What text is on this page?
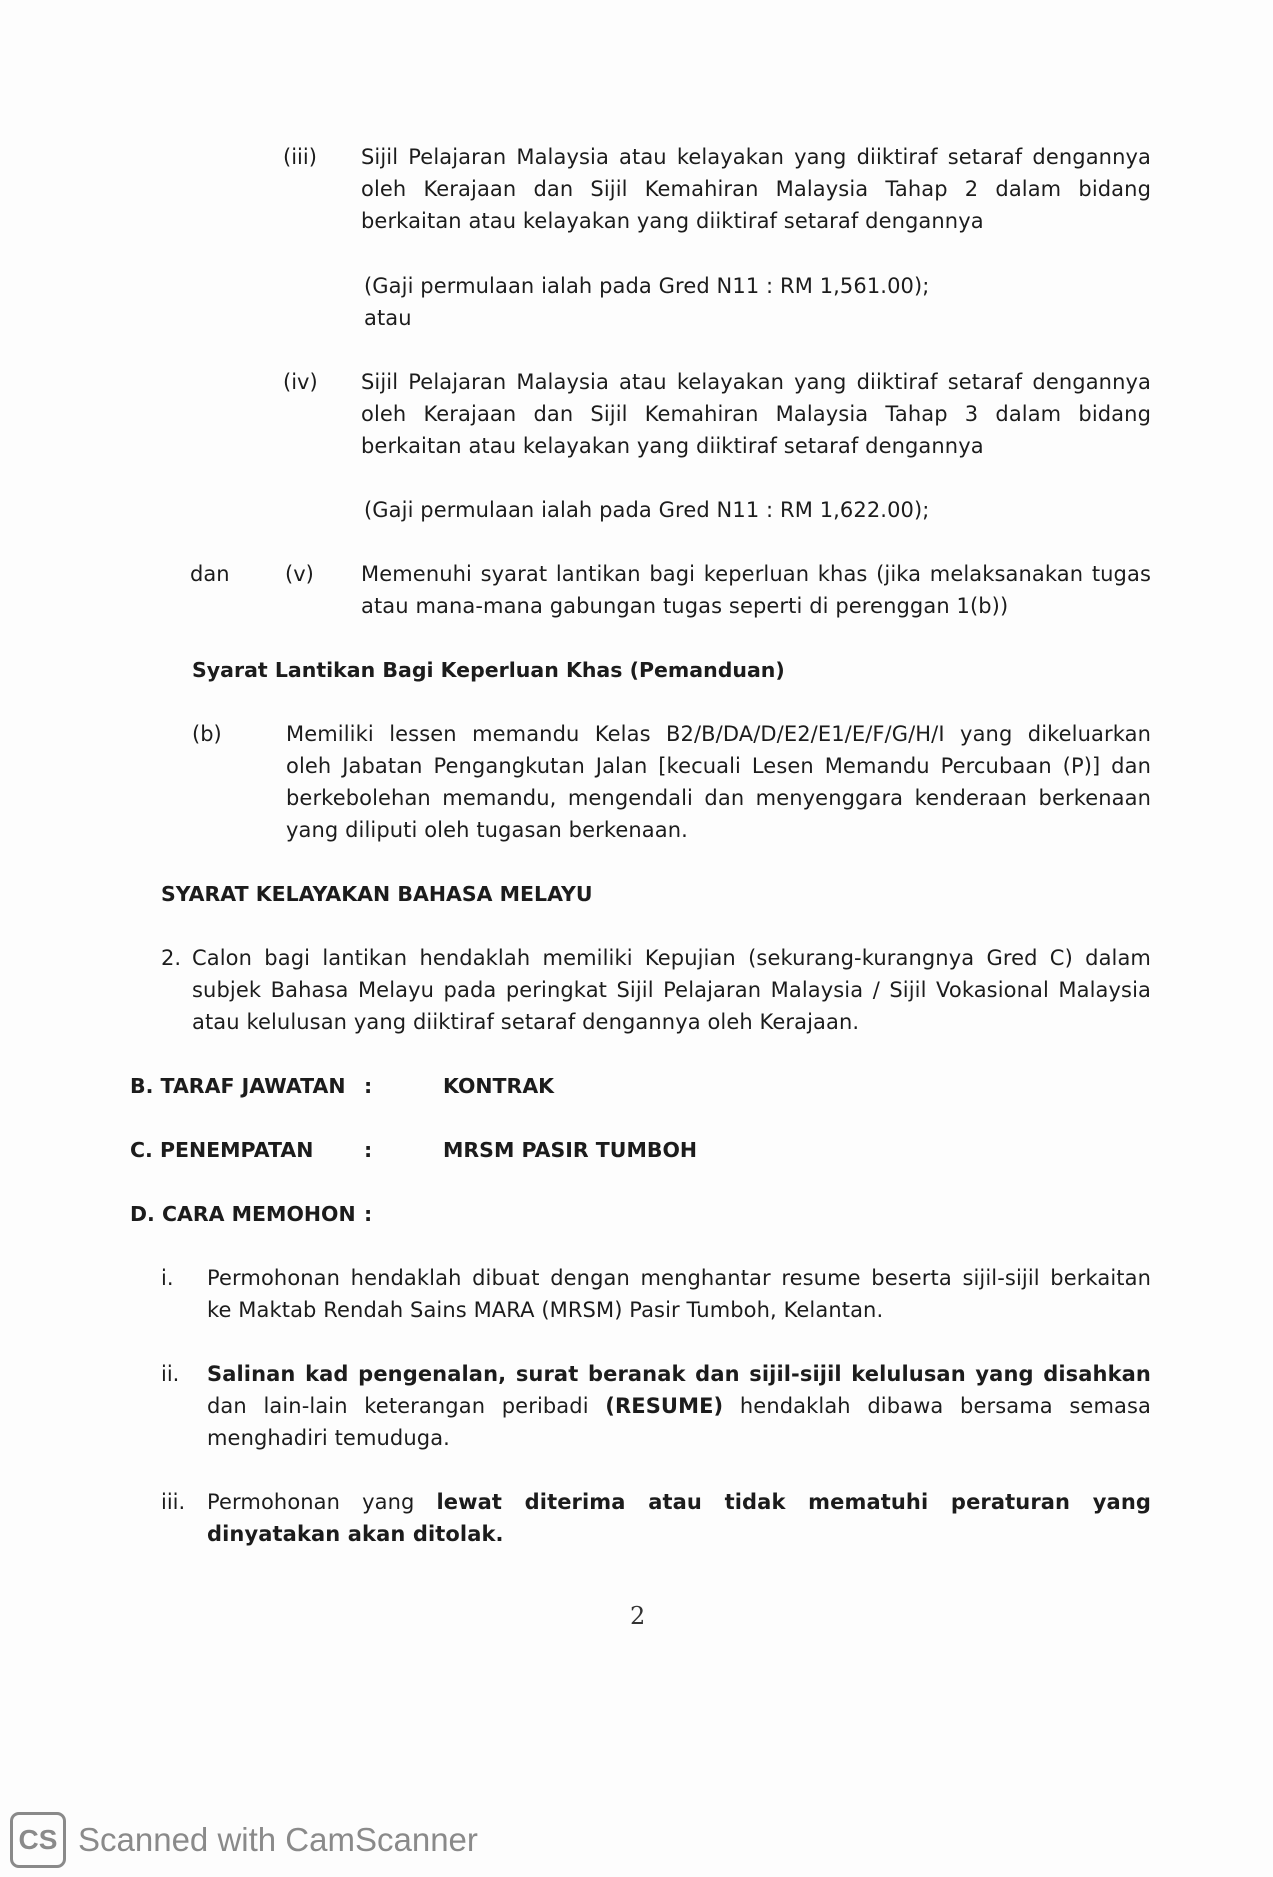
(iii) Sijil Pelajaran Malaysia atau kelayakan yang diiktiraf setaraf dengannya oleh Kerajaan dan Sijil Kemahiran Malaysia Tahap 2 dalam bidang berkaitan atau kelayakan yang diiktiraf setaraf dengannya
(Gaji permulaan ialah pada Gred N11 : RM 1,561.00);
atau
(iv) Sijil Pelajaran Malaysia atau kelayakan yang diiktiraf setaraf dengannya oleh Kerajaan dan Sijil Kemahiran Malaysia Tahap 3 dalam bidang berkaitan atau kelayakan yang diiktiraf setaraf dengannya
(Gaji permulaan ialah pada Gred N11 : RM 1,622.00);
dan	(v) Memenuhi syarat lantikan bagi keperluan khas (jika melaksanakan tugas atau mana-mana gabungan tugas seperti di perenggan 1(b))
Syarat Lantikan Bagi Keperluan Khas (Pemanduan)
(b)	Memiliki lessen memandu Kelas B2/B/DA/D/E2/E1/E/F/G/H/I yang dikeluarkan oleh Jabatan Pengangkutan Jalan [kecuali Lesen Memandu Percubaan (P)] dan berkebolehan memandu, mengendali dan menyenggara kenderaan berkenaan yang diliputi oleh tugasan berkenaan.
SYARAT KELAYAKAN BAHASA MELAYU
2. Calon bagi lantikan hendaklah memiliki Kepujian (sekurang-kurangnya Gred C) dalam subjek Bahasa Melayu pada peringkat Sijil Pelajaran Malaysia / Sijil Vokasional Malaysia atau kelulusan yang diiktiraf setaraf dengannya oleh Kerajaan.
B. TARAF JAWATAN :	KONTRAK
C. PENEMPATAN :	MRSM PASIR TUMBOH
D. CARA MEMOHON :
i. Permohonan hendaklah dibuat dengan menghantar resume beserta sijil-sijil berkaitan ke Maktab Rendah Sains MARA (MRSM) Pasir Tumboh, Kelantan.
ii. Salinan kad pengenalan, surat beranak dan sijil-sijil kelulusan yang disahkan dan lain-lain keterangan peribadi (RESUME) hendaklah dibawa bersama semasa menghadiri temuduga.
iii. Permohonan yang lewat diterima atau tidak mematuhi peraturan yang dinyatakan akan ditolak.
2
CS Scanned with CamScanner
